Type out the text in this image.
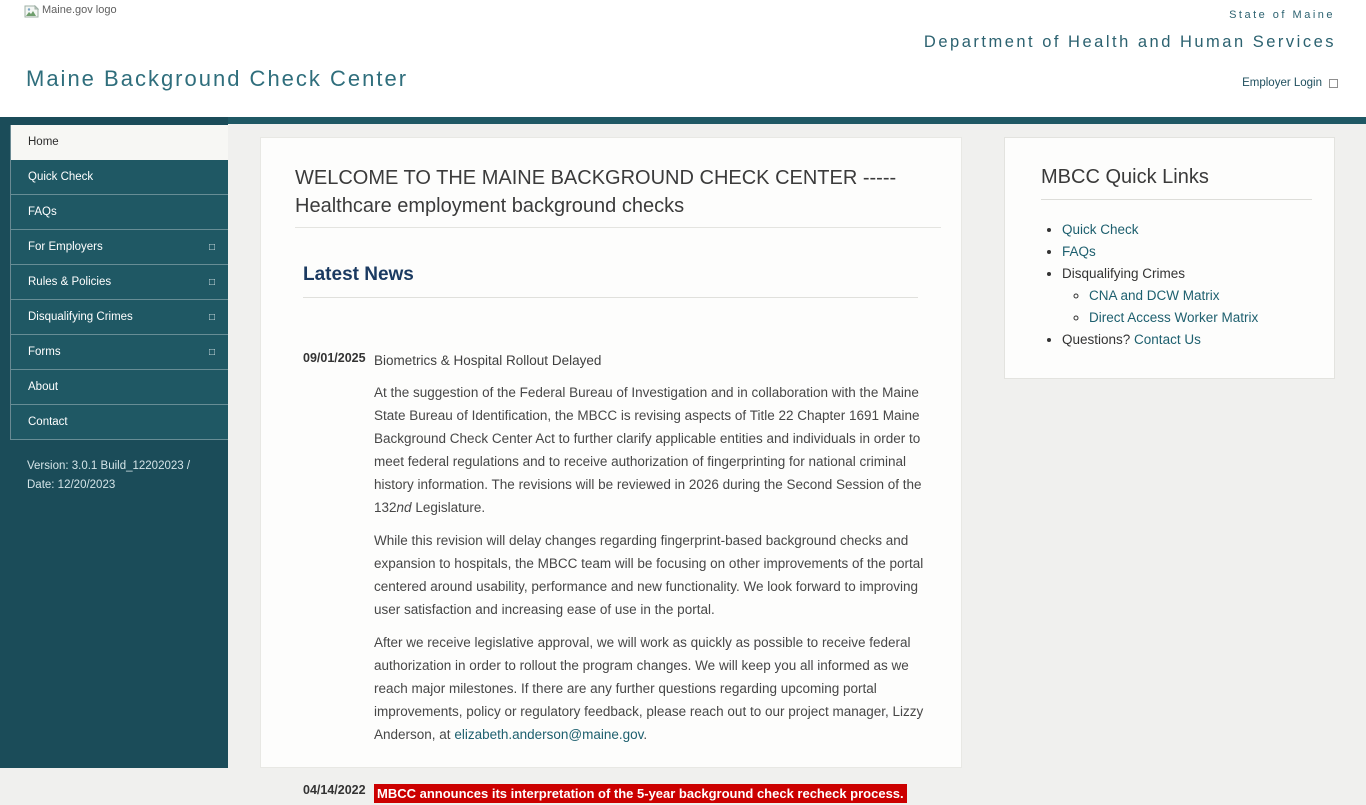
Maine.gov logo
Maine Background Check Center
State of Maine
Department of Health and Human Services
Employer Login
Home
Quick Check
FAQs
For Employers	□
Rules & Policies	□
Disqualifying Crimes	□
Forms	□
About
Contact
Version: 3.0.1 Build_12202023 / Date: 12/20/2023
WELCOME TO THE MAINE BACKGROUND CHECK CENTER ----- Healthcare employment background checks
Latest News
09/01/2025 Biometrics & Hospital Rollout Delayed

At the suggestion of the Federal Bureau of Investigation and in collaboration with the Maine State Bureau of Identification, the MBCC is revising aspects of Title 22 Chapter 1691 Maine Background Check Center Act to further clarify applicable entities and individuals in order to meet federal regulations and to receive authorization of fingerprinting for national criminal history information. The revisions will be reviewed in 2026 during the Second Session of the 132nd Legislature.

While this revision will delay changes regarding fingerprint-based background checks and expansion to hospitals, the MBCC team will be focusing on other improvements of the portal centered around usability, performance and new functionality. We look forward to improving user satisfaction and increasing ease of use in the portal.

After we receive legislative approval, we will work as quickly as possible to receive federal authorization in order to rollout the program changes. We will keep you all informed as we reach major milestones. If there are any further questions regarding upcoming portal improvements, policy or regulatory feedback, please reach out to our project manager, Lizzy Anderson, at elizabeth.anderson@maine.gov.

04/14/2022 MBCC announces its interpretation of the 5-year background check recheck process.
MBCC Quick Links
• Quick Check
• FAQs
• Disqualifying Crimes
◦ CNA and DCW Matrix
◦ Direct Access Worker Matrix
• Questions? Contact Us
